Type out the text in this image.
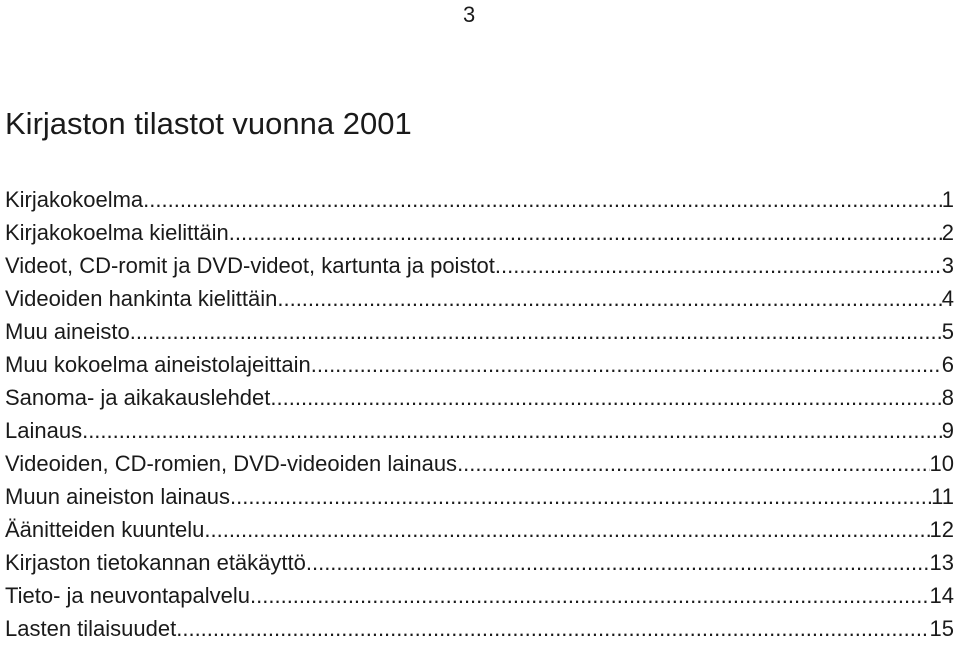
3
Kirjaston tilastot vuonna 2001
Kirjakokoelma .....	1
Kirjakokoelma kielittäin .....	2
Videot, CD-romit ja DVD-videot, kartunta ja poistot .....	3
Videoiden hankinta kielittäin .....	4
Muu aineisto .....	5
Muu kokoelma aineistolajeittain .....	6
Sanoma- ja aikakauslehdet .....	8
Lainaus .....	9
Videoiden, CD-romien, DVD-videoiden lainaus .....	10
Muun aineiston lainaus .....	11
Äänitteiden kuuntelu .....	12
Kirjaston tietokannan etäkäyttö .....	13
Tieto- ja neuvontapalvelu .....	14
Lasten tilaisuudet .....	15
